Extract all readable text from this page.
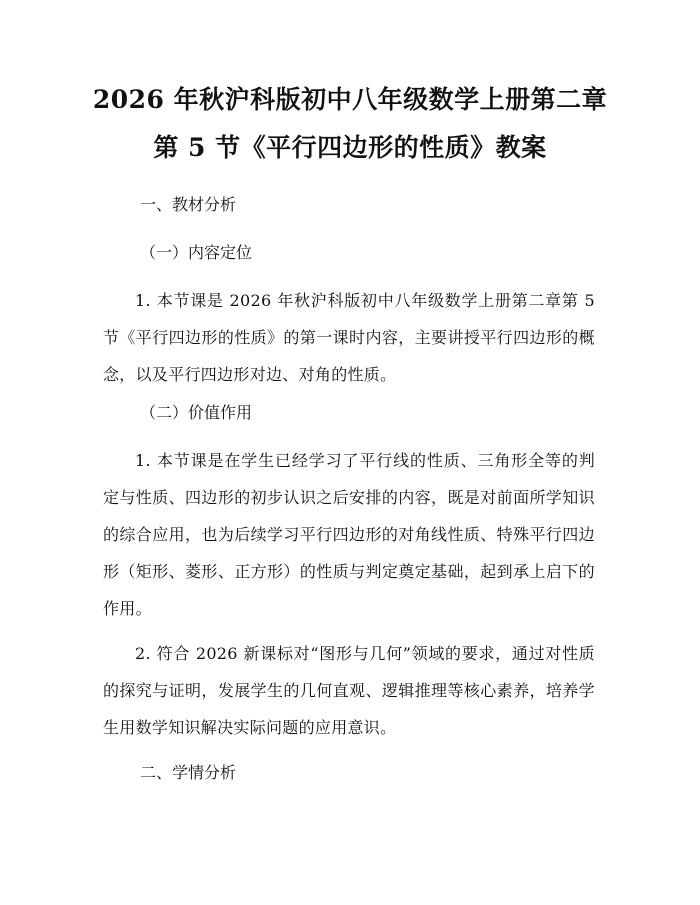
2026 年秋沪科版初中八年级数学上册第二章
第 5 节《平行四边形的性质》教案
一、教材分析
（一）内容定位
1. 本节课是 2026 年秋沪科版初中八年级数学上册第二章第 5 节《平行四边形的性质》的第一课时内容，主要讲授平行四边形的概念，以及平行四边形对边、对角的性质。
（二）价值作用
1. 本节课是在学生已经学习了平行线的性质、三角形全等的判定与性质、四边形的初步认识之后安排的内容，既是对前面所学知识的综合应用，也为后续学习平行四边形的对角线性质、特殊平行四边形（矩形、菱形、正方形）的性质与判定奠定基础，起到承上启下的作用。
2. 符合 2026 新课标对“图形与几何”领域的要求，通过对性质的探究与证明，发展学生的几何直观、逻辑推理等核心素养，培养学生用数学知识解决实际问题的应用意识。
二、学情分析
